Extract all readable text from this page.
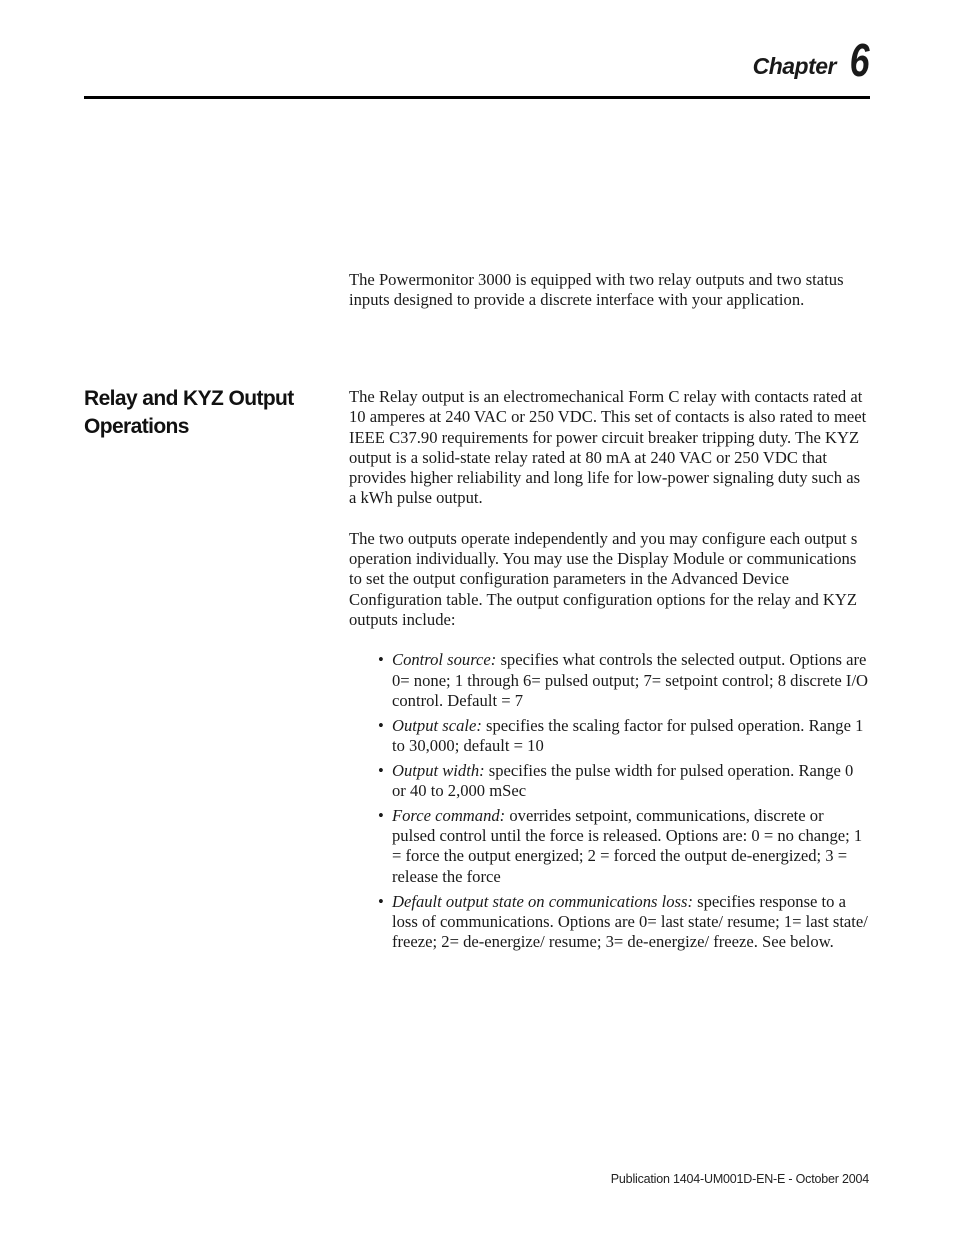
Chapter 6

The Powermonitor 3000 is equipped with two relay outputs and two status inputs designed to provide a discrete interface with your application.

Relay and KYZ Output Operations

The Relay output is an electromechanical Form C relay with contacts rated at 10 amperes at 240 VAC or 250 VDC. This set of contacts is also rated to meet IEEE C37.90 requirements for power circuit breaker tripping duty. The KYZ output is a solid-state relay rated at 80 mA at 240 VAC or 250 VDC that provides higher reliability and long life for low-power signaling duty such as a kWh pulse output.

The two outputs operate independently and you may configure each output s operation individually. You may use the Display Module or communications to set the output configuration parameters in the Advanced Device Configuration table. The output configuration options for the relay and KYZ outputs include:

• Control source: specifies what controls the selected output. Options are 0= none; 1 through 6= pulsed output; 7= setpoint control; 8 discrete I/O control. Default = 7
• Output scale: specifies the scaling factor for pulsed operation. Range 1 to 30,000; default = 10
• Output width: specifies the pulse width for pulsed operation. Range 0 or 40 to 2,000 mSec
• Force command: overrides setpoint, communications, discrete or pulsed control until the force is released. Options are: 0 = no change; 1 = force the output energized; 2 = forced the output de-energized; 3 = release the force
• Default output state on communications loss: specifies response to a loss of communications. Options are 0= last state/ resume; 1= last state/ freeze; 2= de-energize/ resume; 3= de-energize/ freeze. See below.
Publication 1404-UM001D-EN-E - October 2004
